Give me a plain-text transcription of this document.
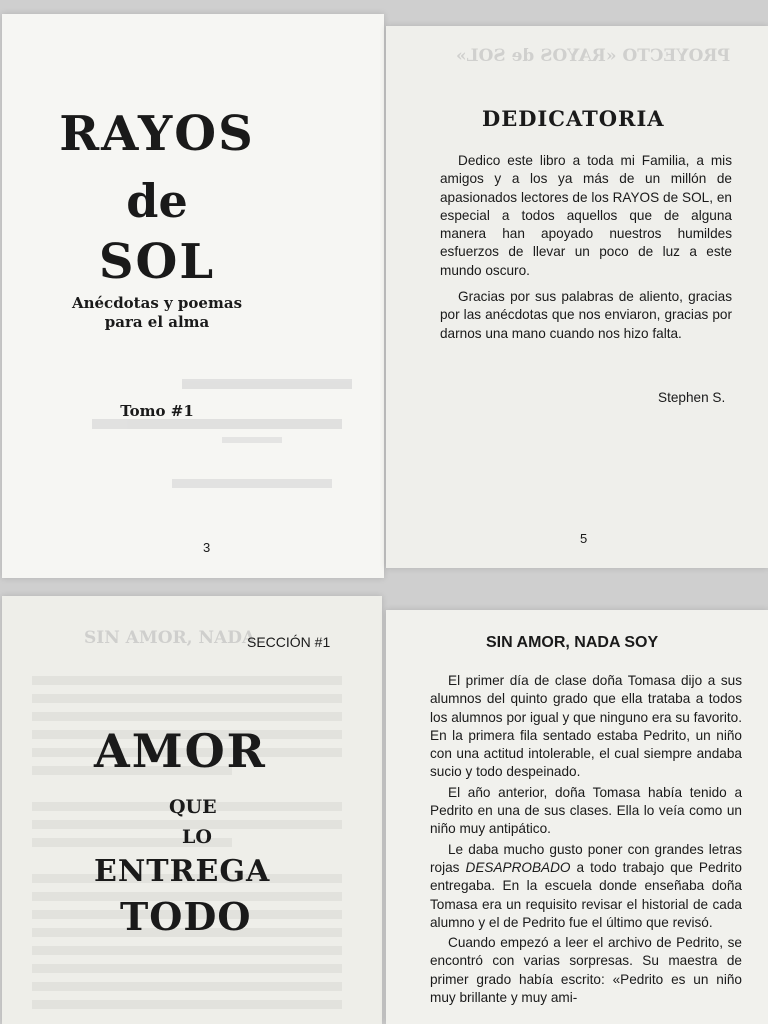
RAYOS
de
SOL
Anécdotas y poemas
para el alma
Tomo #1
3
PROYECTO «RAYOS de SOL»
DEDICATORIA

Dedico este libro a toda mi Familia, a mis amigos y a los ya más de un millón de apasionados lectores de los RAYOS de SOL, en especial a todos aquellos que de alguna manera han apoyado nuestros humildes esfuerzos de llevar un poco de luz a este mundo oscuro.

Gracias por sus palabras de aliento, gracias por las anécdotas que nos enviaron, gracias por darnos una mano cuando nos hizo falta.

Stephen S.
5
SIN AMOR, NADA
SECCIÓN #1
AMOR
QUE
LO
ENTREGA
TODO
SIN AMOR, NADA SOY

El primer día de clase doña Tomasa dijo a sus alumnos del quinto grado que ella trataba a todos los alumnos por igual y que ninguno era su favorito. En la primera fila sentado estaba Pedrito, un niño con una actitud intolerable, el cual siempre andaba sucio y todo despeinado.

El año anterior, doña Tomasa había tenido a Pedrito en una de sus clases. Ella lo veía como un niño muy antipático.

Le daba mucho gusto poner con grandes letras rojas DESAPROBADO a todo trabajo que Pedrito entregaba. En la escuela donde enseñaba doña Tomasa era un requisito revisar el historial de cada alumno y el de Pedrito fue el último que revisó.

Cuando empezó a leer el archivo de Pedrito, se encontró con varias sorpresas. Su maestra de primer grado había escrito: «Pedrito es un niño muy brillante y muy ami-
